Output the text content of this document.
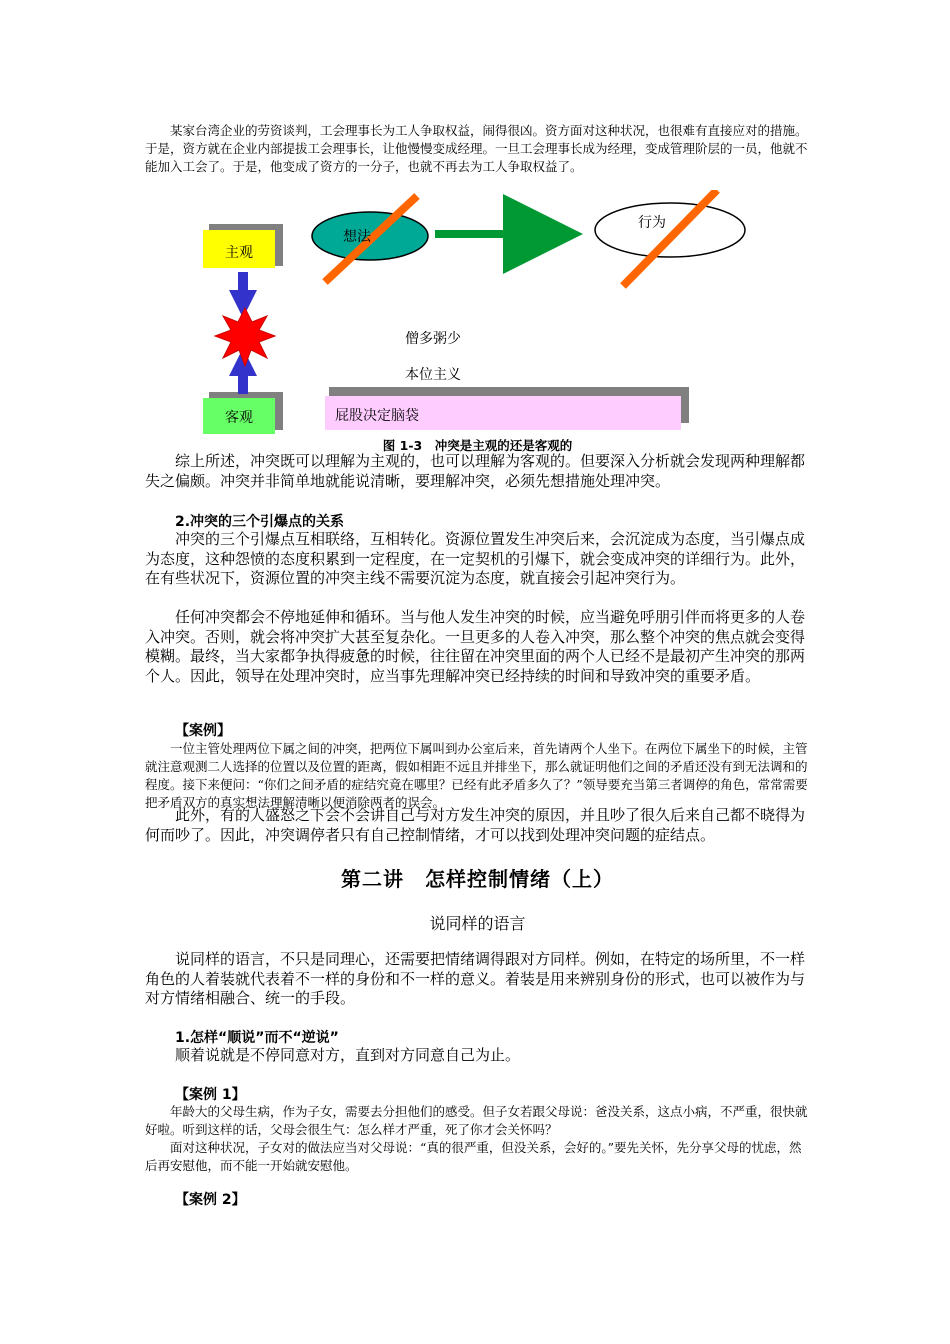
某家台湾企业的劳资谈判，工会理事长为工人争取权益，闹得很凶。资方面对这种状况，也很难有直接应对的措施。于是，资方就在企业内部提拔工会理事长，让他慢慢变成经理。一旦工会理事长成为经理，变成管理阶层的一员，他就不能加入工会了。于是，他变成了资方的一分子，也就不再去为工人争取权益了。

主观
客观
想法
行为
僧多粥少
本位主义
屁股决定脑袋

图 1-3　冲突是主观的还是客观的

综上所述，冲突既可以理解为主观的，也可以理解为客观的。但要深入分析就会发现两种理解都失之偏颇。冲突并非简单地就能说清晰，要理解冲突，必须先想措施处理冲突。

2.冲突的三个引爆点的关系

冲突的三个引爆点互相联络，互相转化。资源位置发生冲突后来，会沉淀成为态度，当引爆点成为态度，这种怨愤的态度积累到一定程度，在一定契机的引爆下，就会变成冲突的详细行为。此外，在有些状况下，资源位置的冲突主线不需要沉淀为态度，就直接会引起冲突行为。

任何冲突都会不停地延伸和循环。当与他人发生冲突的时候，应当避免呼朋引伴而将更多的人卷入冲突。否则，就会将冲突扩大甚至复杂化。一旦更多的人卷入冲突，那么整个冲突的焦点就会变得模糊。最终，当大家都争执得疲惫的时候，往往留在冲突里面的两个人已经不是最初产生冲突的那两个人。因此，领导在处理冲突时，应当事先理解冲突已经持续的时间和导致冲突的重要矛盾。

【案例】

一位主管处理两位下属之间的冲突，把两位下属叫到办公室后来，首先请两个人坐下。在两位下属坐下的时候，主管就注意观测二人选择的位置以及位置的距离，假如相距不远且并排坐下，那么就证明他们之间的矛盾还没有到无法调和的程度。接下来便问：“你们之间矛盾的症结究竟在哪里？已经有此矛盾多久了？”领导要充当第三者调停的角色，常常需要把矛盾双方的真实想法理解清晰以便消除两者的误会。

此外，有的人盛怒之下会不会讲自己与对方发生冲突的原因，并且吵了很久后来自己都不晓得为何而吵了。因此，冲突调停者只有自己控制情绪，才可以找到处理冲突问题的症结点。

第二讲　怎样控制情绪（上）

说同样的语言

说同样的语言，不只是同理心，还需要把情绪调得跟对方同样。例如，在特定的场所里，不一样角色的人着装就代表着不一样的身份和不一样的意义。着装是用来辨别身份的形式，也可以被作为与对方情绪相融合、统一的手段。

1.怎样“顺说”而不“逆说”

顺着说就是不停同意对方，直到对方同意自己为止。

【案例 1】

年龄大的父母生病，作为子女，需要去分担他们的感受。但子女若跟父母说：爸没关系，这点小病，不严重，很快就好啦。听到这样的话，父母会很生气：怎么样才严重，死了你才会关怀吗？

面对这种状况，子女对的做法应当对父母说：“真的很严重，但没关系，会好的。”要先关怀，先分享父母的忧虑，然后再安慰他，而不能一开始就安慰他。

【案例 2】
